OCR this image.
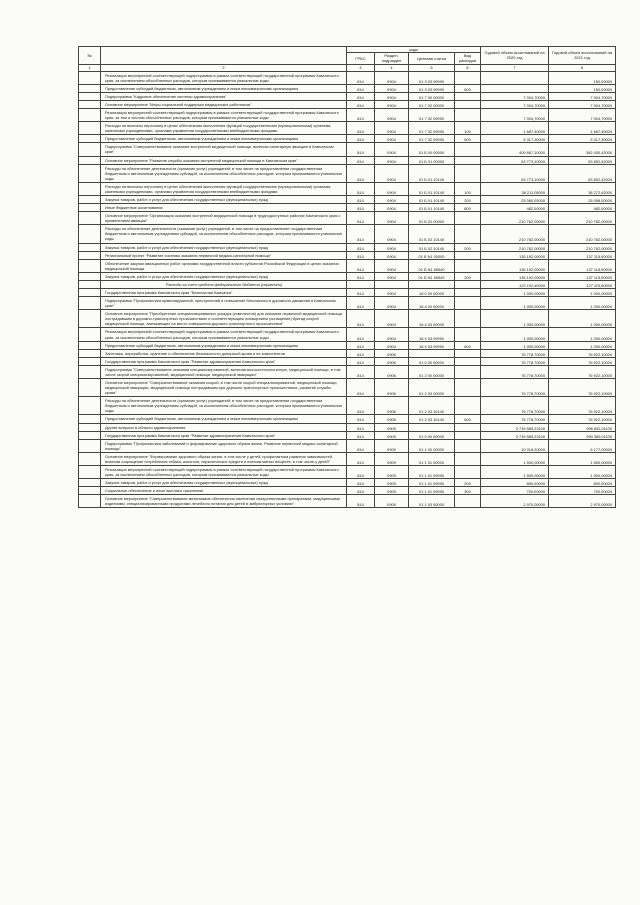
№		коды				Годовой объем ассигнований на 2020 год	Годовой объем ассигнований на 2021 год
		ГРБС	Раздел, подраздел	Целевая статья	Вид расходов		
1	2	3	4	5	6	7	8
	Реализация мероприятий соответствующей подпрограммы в рамках соответствующей государственной программы Камчатского края, за исключением обособленных расходов, которым присваиваются уникальные коды	814	0904	01 3 03 09990			150,00000
	Предоставление субсидий бюджетным, автономным учреждениям и иным некоммерческим организациям	814	0904	01 3 03 09990	600		150,00000
	Подпрограмма "Кадровое обеспечение системы здравоохранения"	814	0904	01 7 00 00000		7 004,70000	7 004,70000
	Основное мероприятие "Меры социальной поддержки медицинских работников"	814	0904	01 7 02 00000		7 004,70000	7 004,70000
	Реализация мероприятий соответствующей подпрограммы в рамках соответствующей государственной программы Камчатского края, за тем и числом обособленных расходов, которым присваиваются уникальные коды	814	0904	01 7 02 09990		7 004,70000	7 004,70000
	Расходы на выплаты персоналу в целях обеспечения выполнения функций государственными (муниципальными) органами, казенными учреждениями, органами управления государственными внебюджетными фондами	814	0904	01 7 02 09990	100	1 687,40000	1 687,40000
	Предоставление субсидий бюджетным, автономным учреждениям и иным некоммерческим организациям	814	0904	01 7 02 09990	600	5 317,30000	5 317,30000
	Подпрограмма "Совершенствование оказания экстренной медицинской помощи, включая санитарную авиацию в Камчатском крае"	814	0904	01 Б 00 00000		409 687,10000	382 430,42000
	Основное мероприятие "Развитие службы оказания экстренной медицинской помощи в Камчатском крае"	814	0904	01 Б 01 00000		63 773,10000	63 852,42000
	Расходы на обеспечение деятельности (оказание услуг) учреждений, в том числе на предоставление государственным бюджетным и автономным учреждениям субсидий, за исключением обособленных расходов, которым присваиваются уникальные коды	814	0904	01 Б 01 10140		63 773,10000	63 852,42000
	Расходы на выплаты персоналу в целях обеспечения выполнения функций государственными (муниципальными) органами, казенными учреждениями, органами управления государственными внебюджетными фондами	814	0904	01 Б 01 10140	100	38 211,05000	38 272,42000
	Закупка товаров, работ и услуг для обеспечения государственных (муниципальных) нужд	814	0904	01 Б 01 10140	200	25 080,05000	25 098,00000
	Иные бюджетные ассигнования	814	0904	01 Б 01 10140	800	482,00000	482,00000
	Основное мероприятие "Организация оказания экстренной медицинской помощи в труднодоступных районах Камчатского края с применением авиации"	814	0904	01 Б 02 00000		210 782,00000	210 782,00000
	Расходы на обеспечение деятельности (оказание услуг) учреждений, в том числе на предоставление государственным бюджетным и автономным учреждениям субсидий, за исключением обособленных расходов, которым присваиваются уникальные коды	814	0904	01 Б 02 10140		210 782,00000	210 782,00000
	Закупка товаров, работ и услуг для обеспечения государственных (муниципальных) нужд	814	0904	01 Б 02 10140	200	210 782,00000	210 782,00000
	Региональный проект "Развитие системы оказания первичной медико-санитарной помощи"	814	0904	01 Б N1 00000		135 192,00000	137 115,90000
	Обеспечение закупки авиационных работ органами государственной власти субъектов Российской Федерации в целях оказания медицинской помощи	814	0904	01 Б N1 55540		135 192,00000	137 115,90000
	Закупка товаров, работ и услуг для обеспечения государственных (муниципальных) нужд	814	0904	01 Б N1 55540	200	135 192,00000	137 115,90000
	Расходы за счет средств федерального бюджета (справочно)					123 102,40000	127 115,80000
	Государственная программа Камчатского края "Безопасная Камчатка"	814	0904	16 0 00 00000		1 000,00000	1 000,00000
	Подпрограмма "Профилактика правонарушений, преступлений и повышение безопасности дорожного движения в Камчатском крае"	814	0904	16 4 00 00000		1 000,00000	1 000,00000
	Основное мероприятие "Приобретение специализированных укладок (комплектов) для оказания первичной медицинской помощи пострадавшим в дорожно-транспортных происшествиях и соответствующим оснащением (оснащение) бригад скорой медицинской помощи, выезжающих на место совершения дорожно-транспортного происшествия"	814	0904	16 4 03 00000		1 000,00000	1 000,00000
	Реализация мероприятий соответствующей подпрограммы в рамках соответствующей государственной программы Камчатского края, за исключением обособленных расходов, которым присваиваются уникальные коды	814	0904	16 4 03 09990		1 000,00000	1 000,00000
	Предоставление субсидий бюджетным, автономным учреждениям и иным некоммерческим организациям	814	0904	16 4 03 09990	600	1 000,00000	1 000,00000
	Заготовка, переработка, хранение и обеспечение безопасности донорской крови и ее компонентов	814	0906			76 778,70000	76 922,10000
	Государственная программа Камчатского края "Развитие здравоохранения Камчатского края"	814	0906	01 0 00 00000		76 778,70000	76 922,10000
	Подпрограмма "Совершенствование оказания специализированной, включая высокотехнологичную, медицинской помощи, в том числе скорой специализированной, медицинской помощи, медицинской эвакуации"	814	0906	01 2 00 00000		76 778,70000	76 922,10000
	Основное мероприятие "Совершенствование оказания скорой, в том числе скорой специализированной, медицинской помощи, медицинской эвакуации, медицинской помощи пострадавшим при дорожно-транспортных происшествиях, развитие службы крови"	814	0906	01 2 03 00000		76 778,70000	76 922,10000
	Расходы на обеспечение деятельности (оказание услуг) учреждений, в том числе на предоставление государственным бюджетным и автономным учреждениям субсидий, за исключением обособленных расходов, которым присваиваются уникальные коды	814	0906	01 2 03 10140		76 778,70000	76 922,10000
	Предоставление субсидий бюджетным, автономным учреждениям и иным некоммерческим организациям	814	0906	01 2 03 10140	600	76 778,70000	76 922,10000
	Другие вопросы в области здравоохранения	814	0909			3 739 589,23100	996 652,01100
	Государственная программа Камчатского края "Развитие здравоохранения Камчатского края"	814	0909	01 0 00 00000		3 739 589,23100	990 389,01100
	Подпрограмма "Профилактика заболеваний и формирование здорового образа жизни. Развитие первичной медико-санитарной помощи"	814	0909	01 1 00 00000		10 018,20000	6 177,00000
	Основное мероприятие "Формирование здорового образа жизни, в том числе у детей, профилактика развития зависимостей, включая сокращение потребления табака, алкоголя, наркотических средств и психоактивных веществ, в том числе у детей"	814	0909	01 1 01 00000		1 500,00000	1 500,00000
	Реализация мероприятий соответствующей подпрограммы в рамках соответствующей государственной программы Камчатского края, за исключением обособленных расходов, которым присваиваются уникальные коды	814	0909	01 1 01 09990		1 500,00000	1 500,00000
	Закупка товаров, работ и услуг для обеспечения государственных (муниципальных) нужд	814	0909	01 1 01 09990	200	800,00000	800,00000
	Социальное обеспечение и иные выплаты населению	814	0909	01 1 01 09990	300	700,00000	700,00000
	Основное мероприятие "Совершенствование механизмов обеспечения населения лекарственными препаратами, медицинскими изделиями, специализированными продуктами лечебного питания для детей в амбулаторных условиях"	814	0909	01 1 03 00000		2 970,00000	2 970,00000
